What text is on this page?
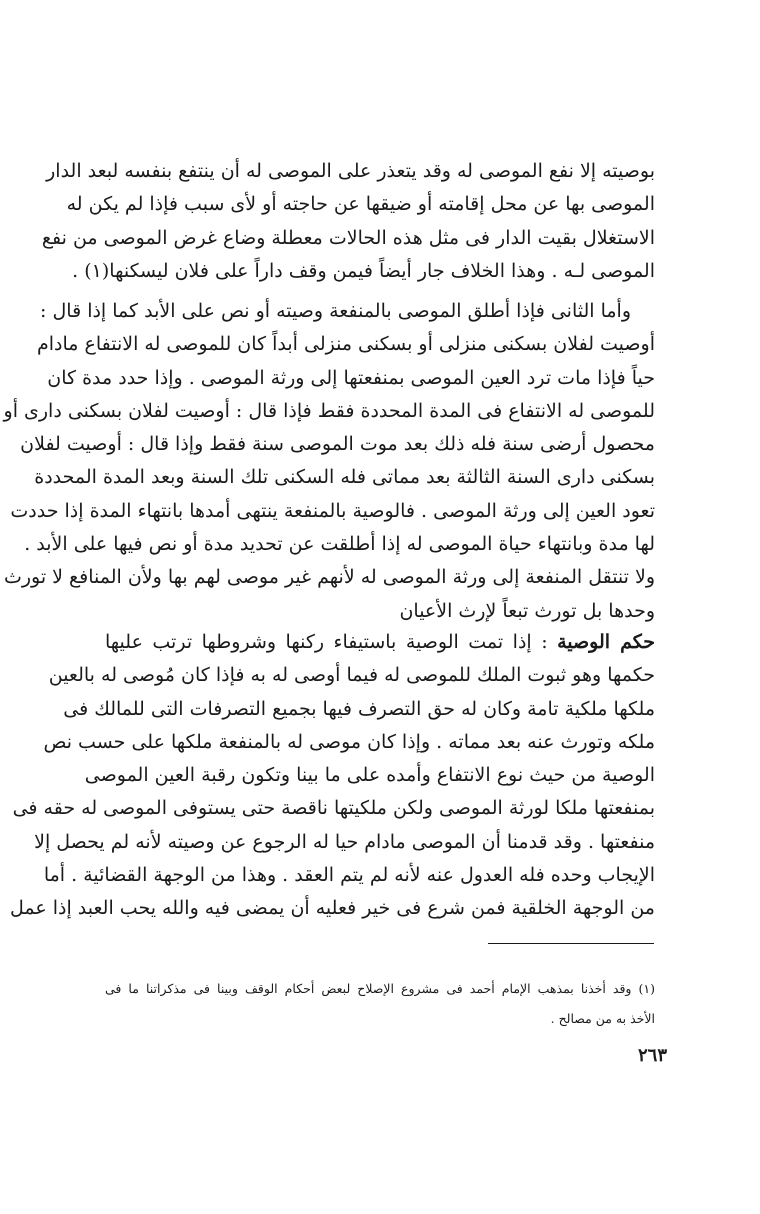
بوصيته إلا نفع الموصى له وقد يتعذر على الموصى له أن ينتفع بنفسه لبعد الدار
الموصى بها عن محل إقامته أو ضيقها عن حاجته أو لأى سبب فإذا لم يكن له
الاستغلال بقيت الدار فى مثل هذه الحالات معطلة وضاع غرض الموصى من نفع
الموصى لـه . وهذا الخلاف جار أيضاً فيمن وقف داراً على فلان ليسكنها(١) .
وأما الثانى فإذا أطلق الموصى بالمنفعة وصيته أو نص على الأبد كما إذا قال :
أوصيت لفلان بسكنى منزلى أو بسكنى منزلى أبداً كان للموصى له الانتفاع مادام
حياً فإذا مات ترد العين الموصى بمنفعتها إلى ورثة الموصى . وإذا حدد مدة كان
للموصى له الانتفاع فى المدة المحددة فقط فإذا قال : أوصيت لفلان بسكنى دارى أو
محصول أرضى سنة فله ذلك بعد موت الموصى سنة فقط وإذا قال : أوصيت لفلان
بسكنى دارى السنة الثالثة بعد مماتى فله السكنى تلك السنة وبعد المدة المحددة
تعود العين إلى ورثة الموصى . فالوصية بالمنفعة ينتهى أمدها بانتهاء المدة إذا حددت
لها مدة وبانتهاء حياة الموصى له إذا أطلقت عن تحديد مدة أو نص فيها على الأبد .
ولا تنتقل المنفعة إلى ورثة الموصى له لأنهم غير موصى لهم بها ولأن المنافع لا تورث
وحدها بل تورث تبعاً لإرث الأعيان
حكم الوصية : إذا تمت الوصية باستيفاء ركنها وشروطها ترتب عليها
حكمها وهو ثبوت الملك للموصى له فيما أوصى له به فإذا كان مُوصى له بالعين
ملكها ملكية تامة وكان له حق التصرف فيها بجميع التصرفات التى للمالك فى
ملكه وتورث عنه بعد مماته . وإذا كان موصى له بالمنفعة ملكها على حسب نص
الوصية من حيث نوع الانتفاع وأمده على ما بينا وتكون رقبة العين الموصى
بمنفعتها ملكا لورثة الموصى ولكن ملكيتها ناقصة حتى يستوفى الموصى له حقه فى
منفعتها . وقد قدمنا أن الموصى مادام حيا له الرجوع عن وصيته لأنه لم يحصل إلا
الإيجاب وحده فله العدول عنه لأنه لم يتم العقد . وهذا من الوجهة القضائية . أما
من الوجهة الخلقية فمن شرع فى خير فعليه أن يمضى فيه والله يحب العبد إذا عمل
(١) وقد أخذنا بمذهب الإمام أحمد فى مشروع الإصلاح لبعض أحكام الوقف وبينا فى مذكراتنا ما فى
الأخذ به من مصالح .
٢٦٣
